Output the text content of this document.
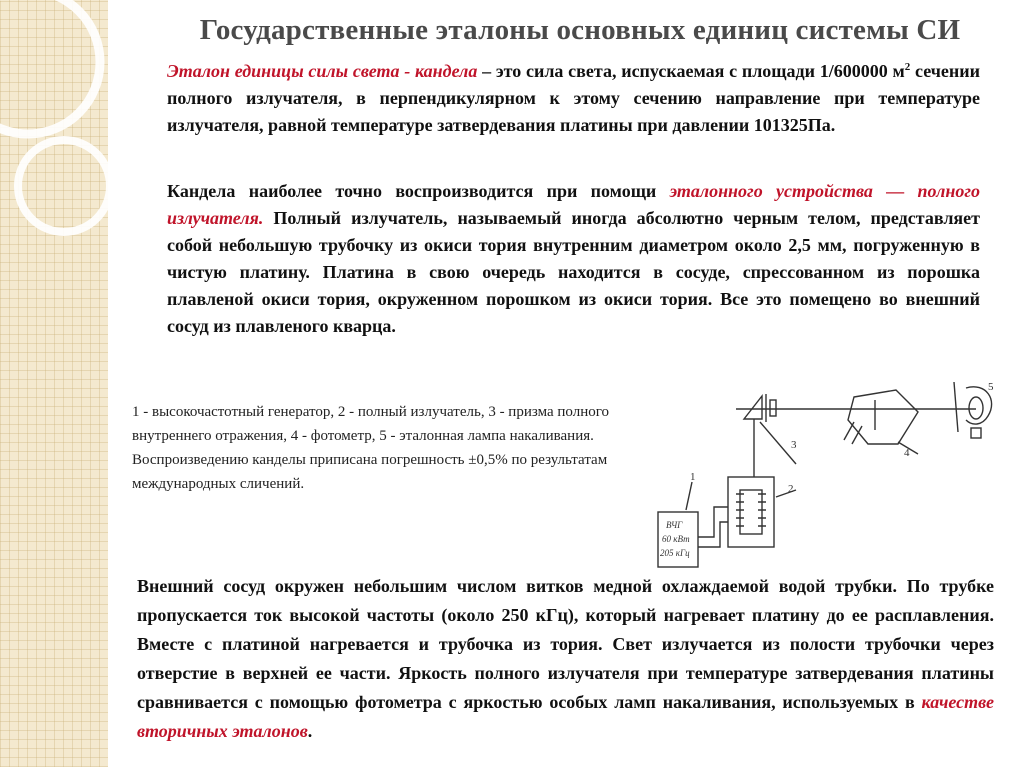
Государственные эталоны основных единиц системы СИ
Эталон единицы силы света - кандела – это сила света, испускаемая с площади 1/600000 $м^2$ сечении полного излучателя, в перпендикулярном к этому сечению направление при температуре излучателя, равной температуре затвердевания платины при давлении 101325Па.
Кандела наиболее точно воспроизводится при помощи эталонного устройства — полного излучателя. Полный излучатель, называемый иногда абсолютно черным телом, представляет собой небольшую трубочку из окиси тория внутренним диаметром около 2,5 мм, погруженную в чистую платину. Платина в свою очередь находится в сосуде, спрессованном из порошка плавленой окиси тория, окруженном порошком из окиси тория. Все это помещено во внешний сосуд из плавленого кварца.
1 - высокочастотный генератор, 2 - полный излучатель, 3 - призма полного внутреннего отражения, 4 - фотометр, 5 - эталонная лампа накаливания.
Воспроизведению канделы приписана погрешность ±0,5% по результатам международных сличений.
3
4
5
2
1
ВЧГ
60 кВт
205 кГц
Внешний сосуд окружен небольшим числом витков медной охлаждаемой водой трубки. По трубке пропускается ток высокой частоты (около 250 кГц), который нагревает платину до ее расплавления. Вместе с платиной нагревается и трубочка из тория. Свет излучается из полости трубочки через отверстие в верхней ее части. Яркость полного излучателя при температуре затвердевания платины сравнивается с помощью фотометра с яркостью особых ламп накаливания, используемых в качестве вторичных эталонов.
